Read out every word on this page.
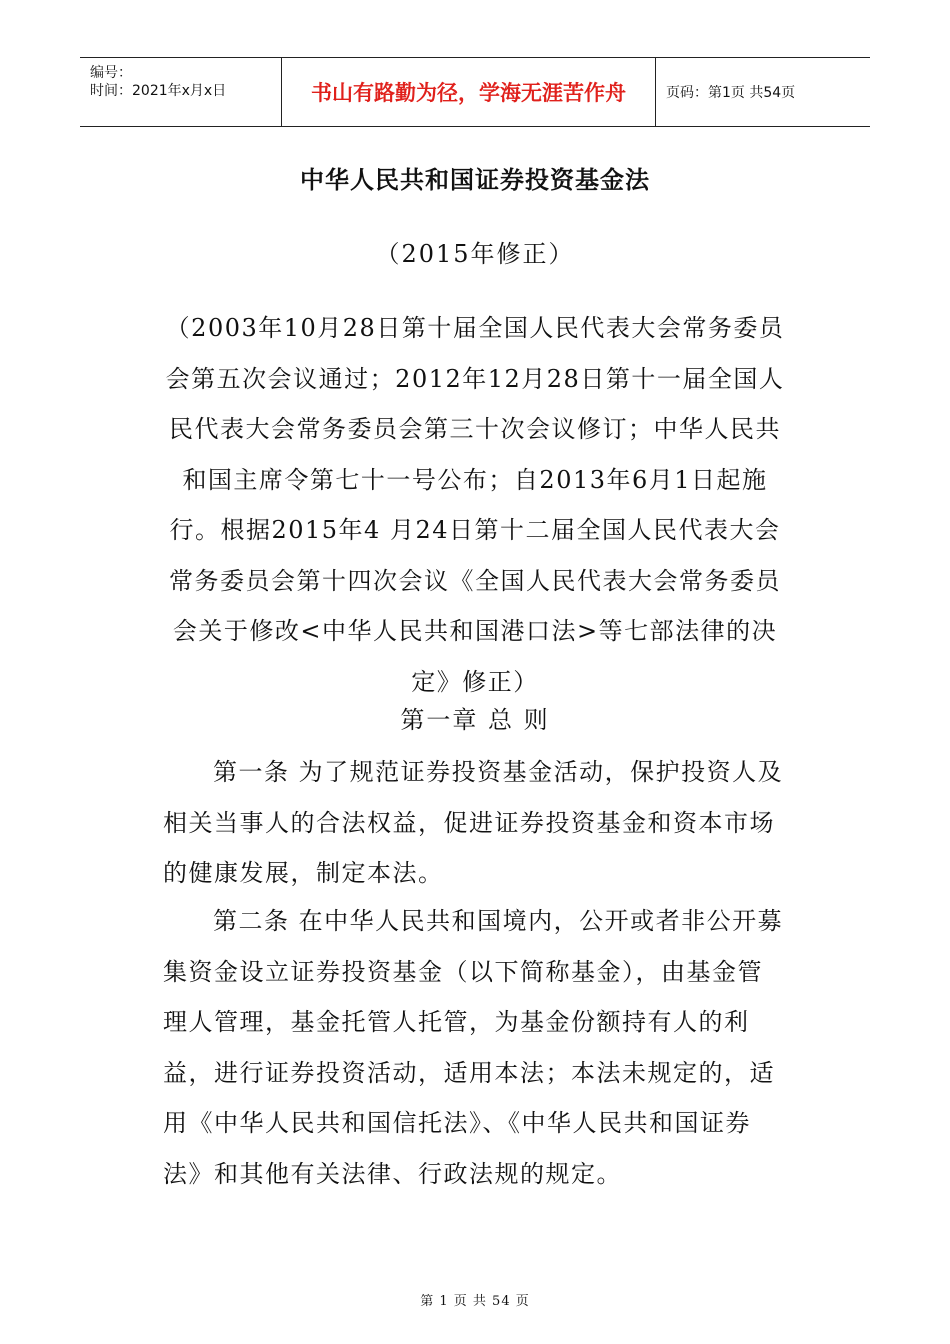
编号：
时间：2021年x月x日	书山有路勤为径，学海无涯苦作舟	页码：第1页 共54页
中华人民共和国证券投资基金法
（2015年修正）

（2003年10月28日第十届全国人民代表大会常务委员

会第五次会议通过；2012年12月28日第十一届全国人

民代表大会常务委员会第三十次会议修订；中华人民共

和国主席令第七十一号公布；自2013年6月1日起施

行。根据2015年4 月24日第十二届全国人民代表大会

常务委员会第十四次会议《全国人民代表大会常务委员

会关于修改<中华人民共和国港口法>等七部法律的决

定》修正）

第一章 总 则

第一条 为了规范证券投资基金活动，保护投资人及

相关当事人的合法权益，促进证券投资基金和资本市场

的健康发展，制定本法。

第二条 在中华人民共和国境内，公开或者非公开募

集资金设立证券投资基金（以下简称基金），由基金管

理人管理，基金托管人托管，为基金份额持有人的利

益，进行证券投资活动，适用本法；本法未规定的，适

用《中华人民共和国信托法》、《中华人民共和国证券

法》和其他有关法律、行政法规的规定。

第 1 页 共 54 页
